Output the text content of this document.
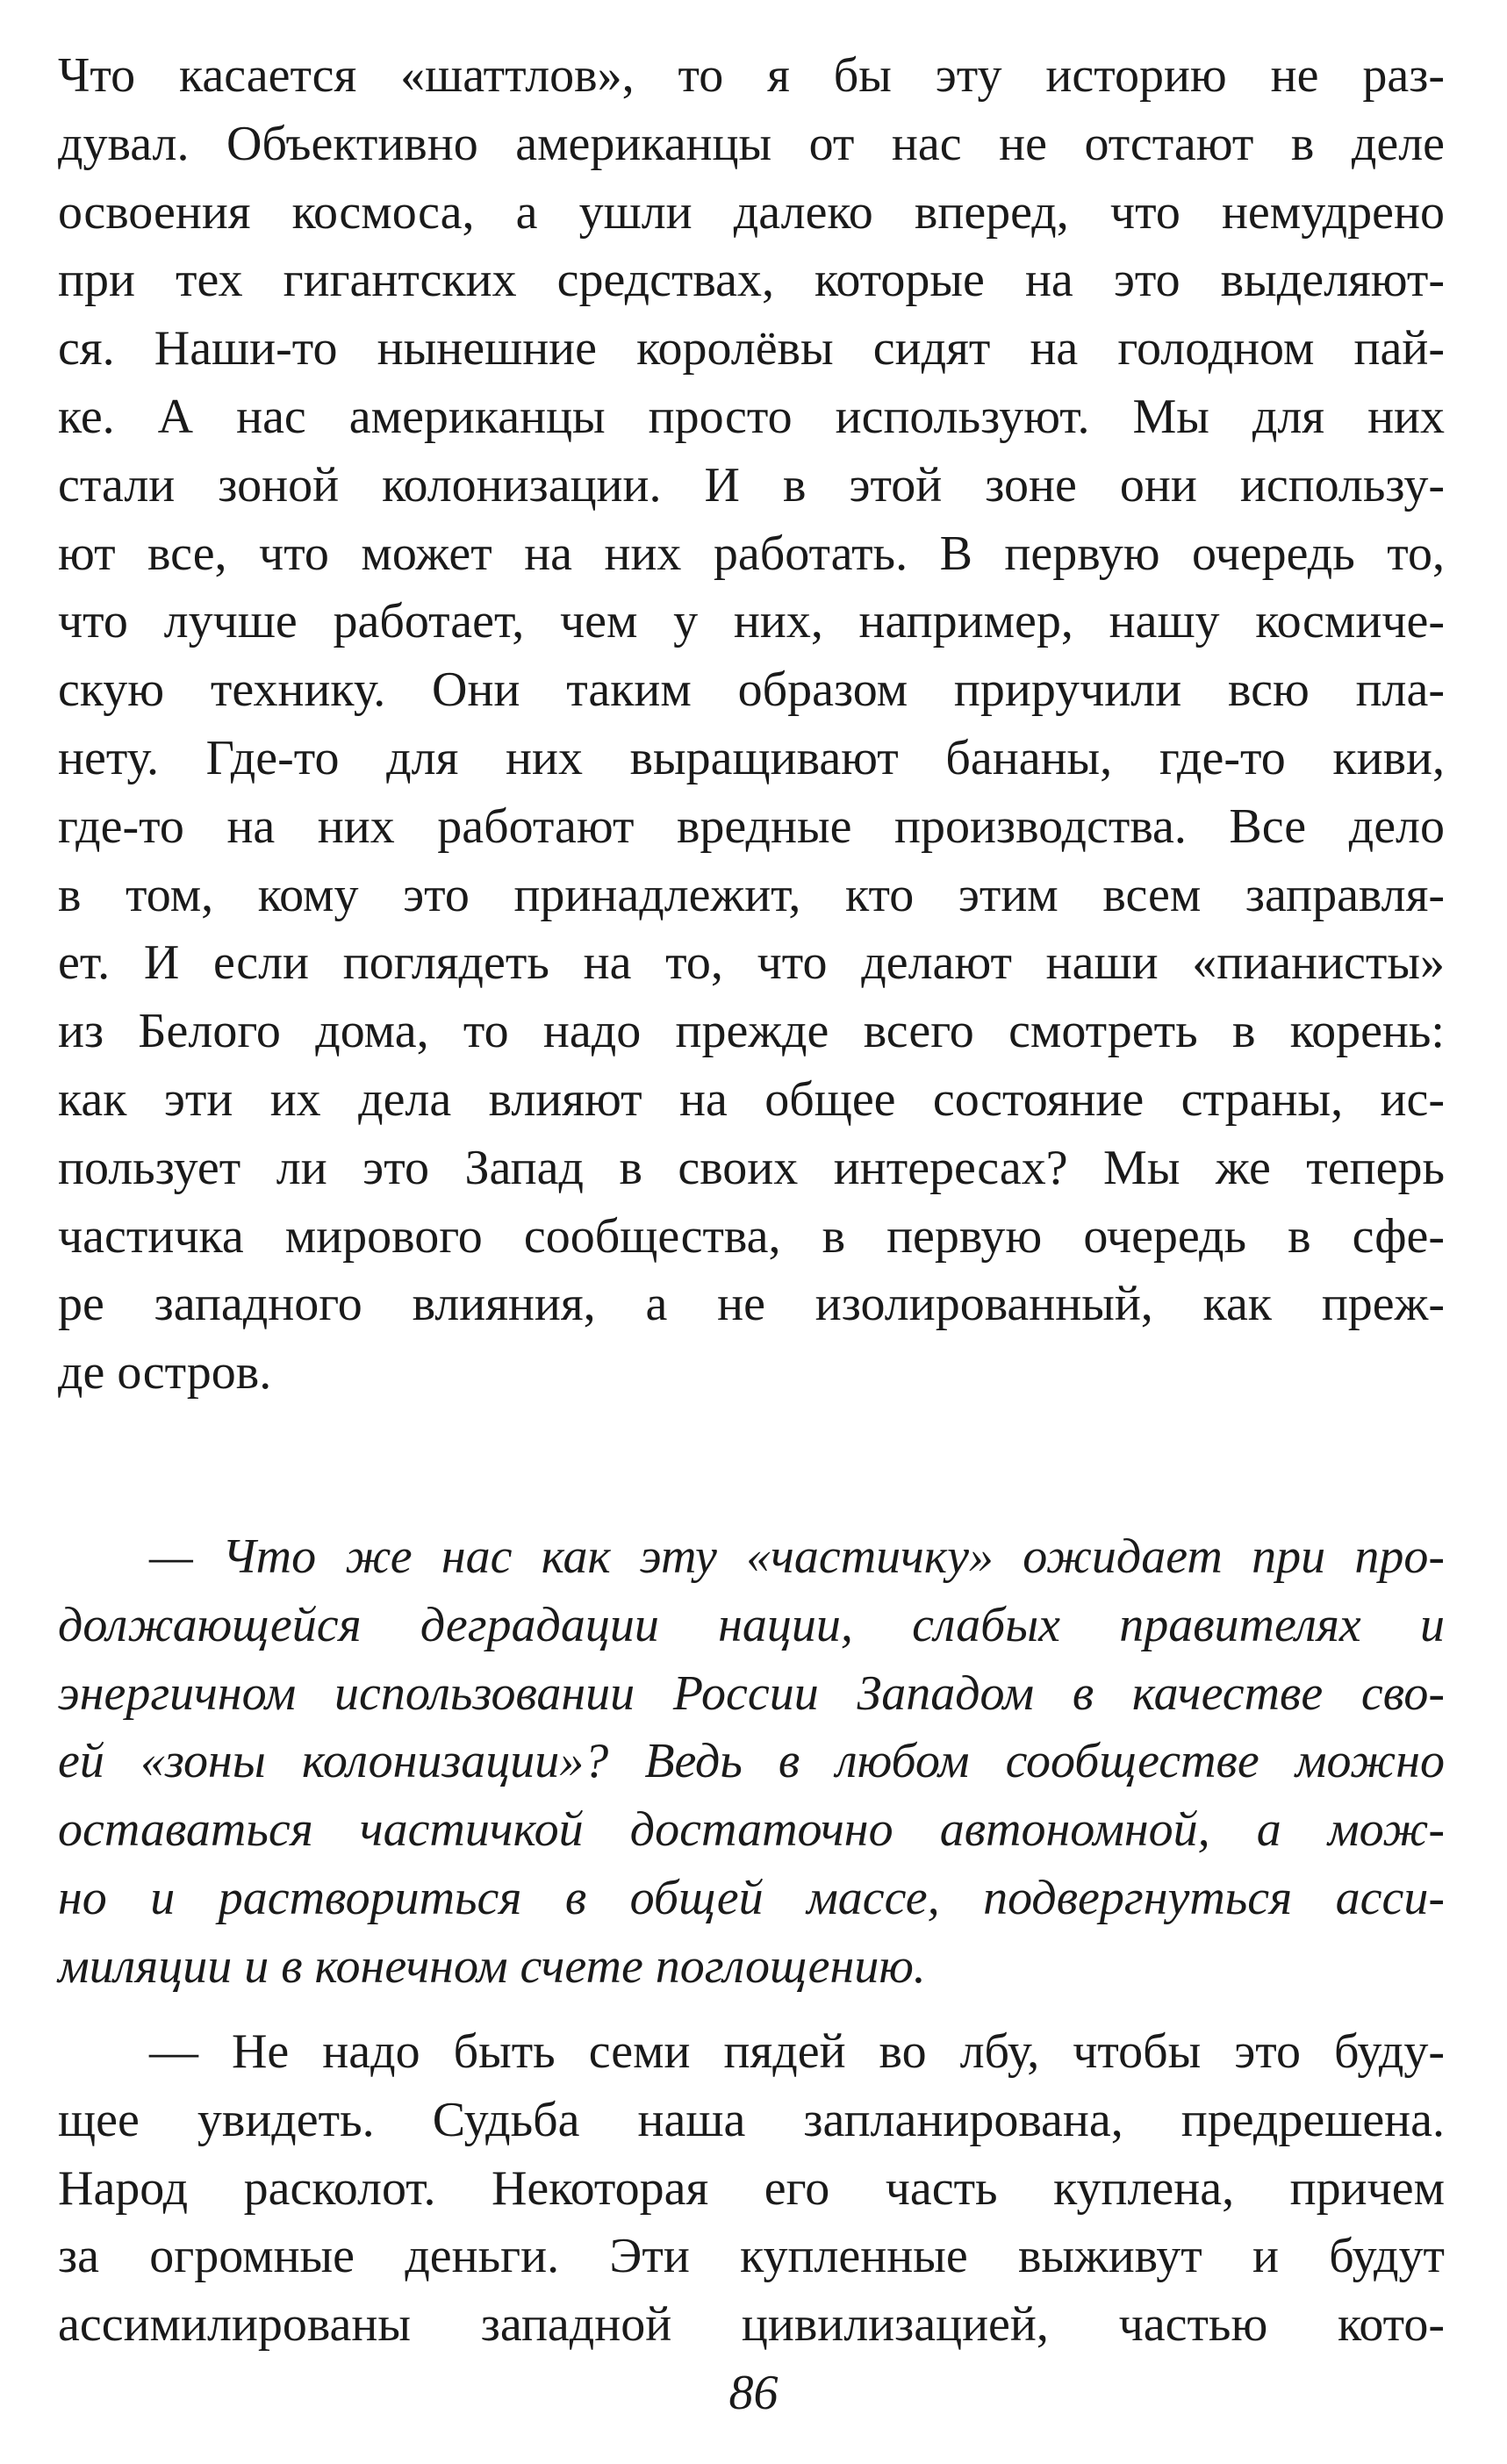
Что касается «шаттлов», то я бы эту историю не раз-
дувал. Объективно американцы от нас не отстают в деле
освоения космоса, а ушли далеко вперед, что немудрено
при тех гигантских средствах, которые на это выделяют-
ся. Наши-то нынешние королёвы сидят на голодном пай-
ке. А нас американцы просто используют. Мы для них
стали зоной колонизации. И в этой зоне они использу-
ют все, что может на них работать. В первую очередь то,
что лучше работает, чем у них, например, нашу космиче-
скую технику. Они таким образом приручили всю пла-
нету. Где-то для них выращивают бананы, где-то киви,
где-то на них работают вредные производства. Все дело
в том, кому это принадлежит, кто этим всем заправля-
ет. И если поглядеть на то, что делают наши «пианисты»
из Белого дома, то надо прежде всего смотреть в корень:
как эти их дела влияют на общее состояние страны, ис-
пользует ли это Запад в своих интересах? Мы же теперь
частичка мирового сообщества, в первую очередь в сфе-
ре западного влияния, а не изолированный, как преж-
де остров.
— Что же нас как эту «частичку» ожидает при про-
должающейся деградации нации, слабых правителях и
энергичном использовании России Западом в качестве сво-
ей «зоны колонизации»? Ведь в любом сообществе можно
оставаться частичкой достаточно автономной, а мож-
но и раствориться в общей массе, подвергнуться асси-
миляции и в конечном счете поглощению.
— Не надо быть семи пядей во лбу, чтобы это буду-
щее увидеть. Судьба наша запланирована, предрешена.
Народ расколот. Некоторая его часть куплена, причем
за огромные деньги. Эти купленные выживут и будут
ассимилированы западной цивилизацией, частью кото-
86
